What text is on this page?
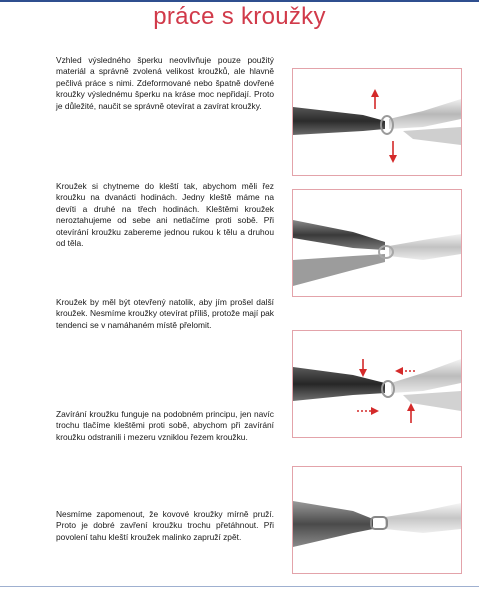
práce s kroužky
Vzhled výsledného šperku neovlivňuje pouze použitý materiál a správně zvolená velikost kroužků, ale hlavně pečlivá práce s nimi. Zdeformované nebo špatně dovřené kroužky výslednému šperku na kráse moc nepřidají. Proto je důležité, naučit se správně otevírat a zavírat kroužky.
Kroužek si chytneme do kleští tak, abychom měli řez kroužku na dvanácti hodinách. Jedny kleště máme na devíti a druhé na třech hodinách. Kleštěmi kroužek neroztahujeme od sebe ani netlačíme proti sobě. Při otevírání kroužku zabereme jednou rukou k tělu a druhou od těla.
Kroužek by měl být otevřený natolik, aby jím prošel další kroužek. Nesmíme kroužky otevírat příliš, protože mají pak tendenci se v namáhaném místě přelomit.
Zavírání kroužku funguje na podobném principu, jen navíc trochu tlačíme kleštěmi proti sobě, abychom při zavírání kroužku odstranili i mezeru vzniklou řezem kroužku.
Nesmíme zapomenout, že kovové kroužky mírně pruží. Proto je dobré zavření kroužku trochu přetáhnout. Při povolení tahu kleští kroužek malinko zapruží zpět.
